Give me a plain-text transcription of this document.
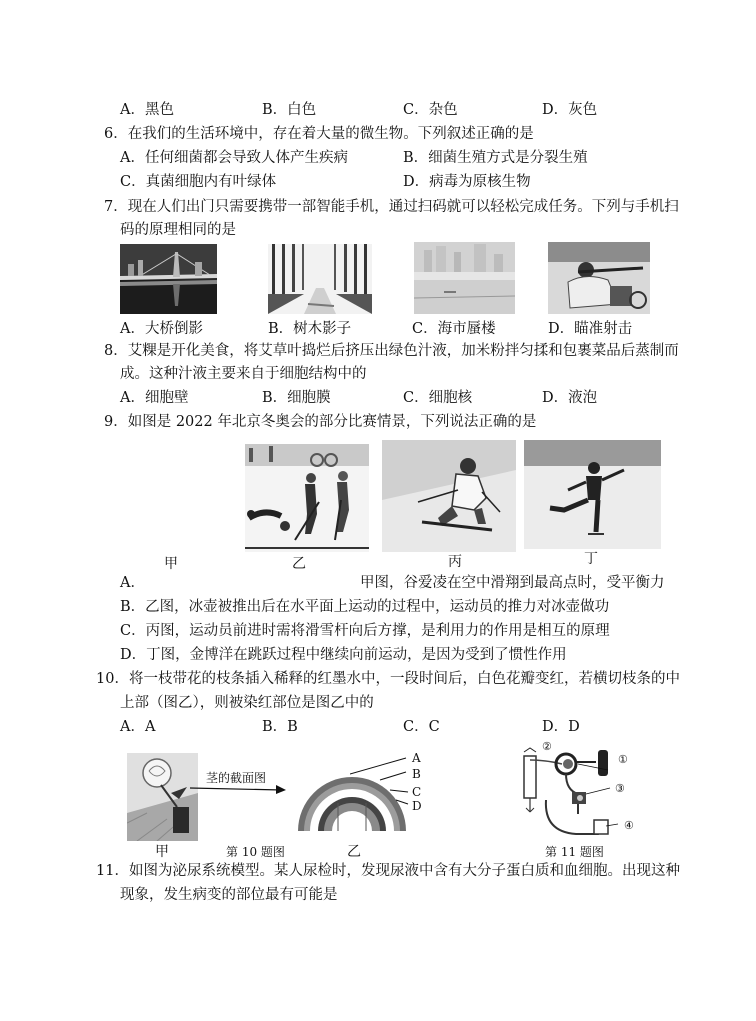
A．黑色	B．白色	C．杂色	D．灰色
6．在我们的生活环境中，存在着大量的微生物。下列叙述正确的是
A．任何细菌都会导致人体产生疾病	B．细菌生殖方式是分裂生殖
C．真菌细胞内有叶绿体	D．病毒为原核生物
7．现在人们出门只需要携带一部智能手机，通过扫码就可以轻松完成任务。下列与手机扫
码的原理相同的是
A．大桥倒影	B．树木影子	C．海市蜃楼	D．瞄准射击
8．艾粿是开化美食，将艾草叶捣烂后挤压出绿色汁液，加米粉拌匀揉和包裹菜品后蒸制而
成。这种汁液主要来自于细胞结构中的
A．细胞壁	B．细胞膜	C．细胞核	D．液泡
9．如图是 2022 年北京冬奥会的部分比赛情景，下列说法正确的是
甲	乙	丙	丁
A．	甲图，谷爱凌在空中滑翔到最高点时，受平衡力
B．乙图，冰壶被推出后在水平面上运动的过程中，运动员的推力对冰壶做功
C．丙图，运动员前进时需将滑雪杆向后方撑，是利用力的作用是相互的原理
D．丁图，金博洋在跳跃过程中继续向前运动，是因为受到了惯性作用
10．将一枝带花的枝条插入稀释的红墨水中，一段时间后，白色花瓣变红，若横切枝条的中
上部（图乙），则被染红部位是图乙中的
A．A	B．B	C．C	D．D
茎的截面图
A
B
C
D
甲	第 10 题图	乙
②
①
③
④
第 11 题图
11．如图为泌尿系统模型。某人尿检时，发现尿液中含有大分子蛋白质和血细胞。出现这种
现象，发生病变的部位最有可能是
